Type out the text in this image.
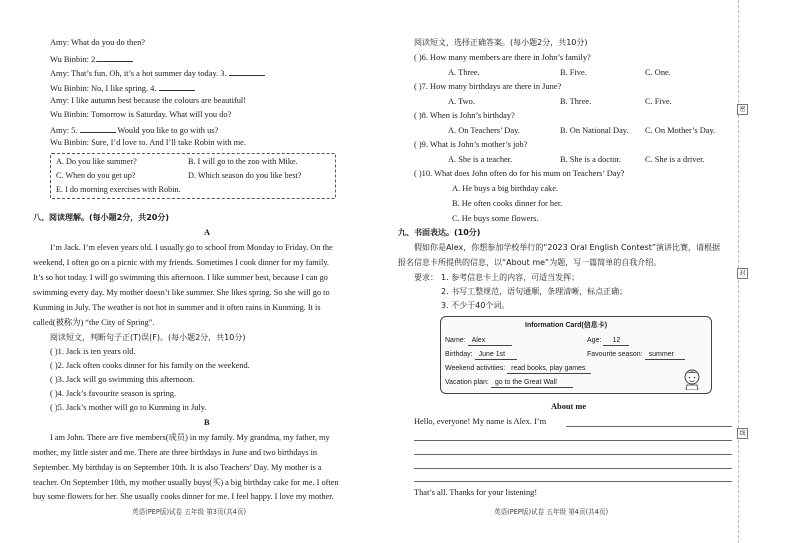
Amy: What do you do then?
Wu Binbin: 2.
Amy: That’s fun. Oh, it’s a hot summer day today. 3.
Wu Binbin: No, I like spring. 4.
Amy: I like autumn best because the colours are beautiful!
Wu Binbin: Tomorrow is Saturday. What will you do?
Amy: 5.	Would you like to go with us?
Wu Binbin: Sure, I’d love to. And I’ll take Robin with me.
A. Do you like summer?	B. I will go to the zoo with Mike.
C. When do you get up?	D. Which season do you like best?
E. I do morning exercises with Robin.
八、阅读理解。(每小题2分，共20分)
A
I’m Jack. I’m eleven years old. I usually go to school from Monday to Friday. On the
weekend, I often go on a picnic with my friends. Sometimes I cook dinner for my family.
It’s so hot today. I will go swimming this afternoon. I like summer best, because I can go
swimming every day. My mother doesn’t like summer. She likes spring. So she will go to
Kunming in July. The weather is not hot in summer and it often rains in Kunming. It is
called(被称为) “the City of Spring”.
阅读短文，判断句子正(T)误(F)。(每小题2分，共10分)
( )1. Jack is ten years old.
( )2. Jack often cooks dinner for his family on the weekend.
( )3. Jack will go swimming this afternoon.
( )4. Jack’s favourite season is spring.
( )5. Jack’s mother will go to Kunming in July.
B
I am John. There are five members(成员) in my family. My grandma, my father, my
mother, my little sister and me. There are three birthdays in June and two birthdays in
September. My birthday is on September 10th. It is also Teachers’ Day. My mother is a
teacher. On September 10th, my mother usually buys(买) a big birthday cake for me. I often
buy some flowers for her. She usually cooks dinner for me. I feel happy. I love my mother.
英语(PEP版)试卷 五年级 第3页(共4页)
阅读短文，选择正确答案。(每小题2分，共10分)
( )6. How many members are there in John’s family?
A. Three.	B. Five.	C. One.
( )7. How many birthdays are there in June?
A. Two.	B. Three.	C. Five.
( )8. When is John’s birthday?
A. On Teachers’ Day.	B. On National Day. C. On Mother’s Day.
( )9. What is John’s mother’s job?
A. She is a teacher.	B. She is a doctor.	C. She is a driver.
( )10. What does John often do for his mum on Teachers’ Day?
A. He buys a big birthday cake.
B. He often cooks dinner for her.
C. He buys some flowers.
九、书面表达。(10分)
假如你是Alex，你想参加学校举行的“2023 Oral English Contest”演讲比赛，请根据
报名信息卡所提供的信息，以“About me”为题，写一篇简单的自我介绍。
要求： 1. 参考信息卡上的内容，可适当发挥；
2. 书写工整规范，语句通顺，条理清晰，标点正确；
3. 不少于40个词。
Information Card(信息卡)
Name: Alex	Age: 12
Birthday: June 1st	Favourite season: summer
Weekend activities: read books, play games
Vacation plan: go to the Great Wall
About me
Hello, everyone! My name is Alex. I’m
That’s all. Thanks for your listening!
英语(PEP版)试卷 五年级 第4页(共4页)
密
封
线
